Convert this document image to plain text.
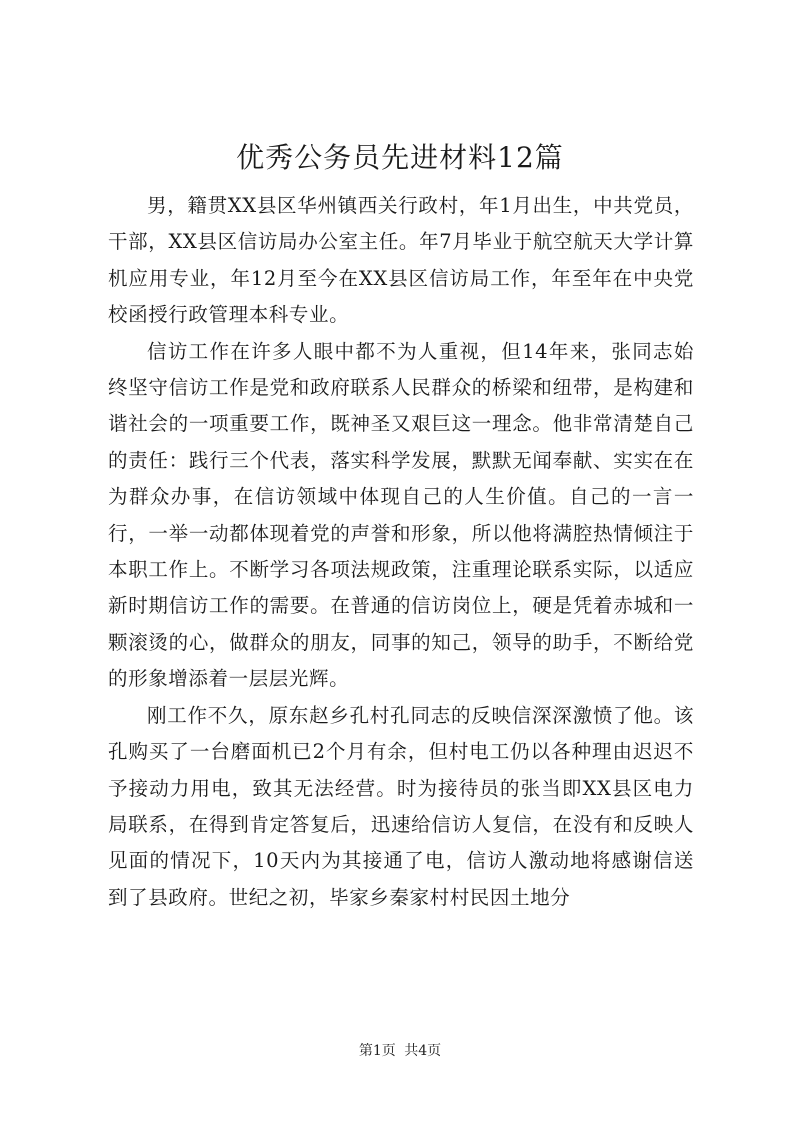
优秀公务员先进材料12篇

男，籍贯XX县区华州镇西关行政村，年1月出生，中共党员，干部，XX县区信访局办公室主任。年7月毕业于航空航天大学计算机应用专业，年12月至今在XX县区信访局工作，年至年在中央党校函授行政管理本科专业。

信访工作在许多人眼中都不为人重视，但14年来，张同志始终坚守信访工作是党和政府联系人民群众的桥梁和纽带，是构建和谐社会的一项重要工作，既神圣又艰巨这一理念。他非常清楚自己的责任：践行三个代表，落实科学发展，默默无闻奉献、实实在在为群众办事，在信访领域中体现自己的人生价值。自己的一言一行，一举一动都体现着党的声誉和形象，所以他将满腔热情倾注于本职工作上。不断学习各项法规政策，注重理论联系实际，以适应新时期信访工作的需要。在普通的信访岗位上，硬是凭着赤城和一颗滚烫的心，做群众的朋友，同事的知己，领导的助手，不断给党的形象增添着一层层光辉。

刚工作不久，原东赵乡孔村孔同志的反映信深深激愤了他。该孔购买了一台磨面机已2个月有余，但村电工仍以各种理由迟迟不予接动力用电，致其无法经营。时为接待员的张当即XX县区电力局联系，在得到肯定答复后，迅速给信访人复信，在没有和反映人见面的情况下，10天内为其接通了电，信访人激动地将感谢信送到了县政府。世纪之初，毕家乡秦家村村民因土地分

第1页 共4页
